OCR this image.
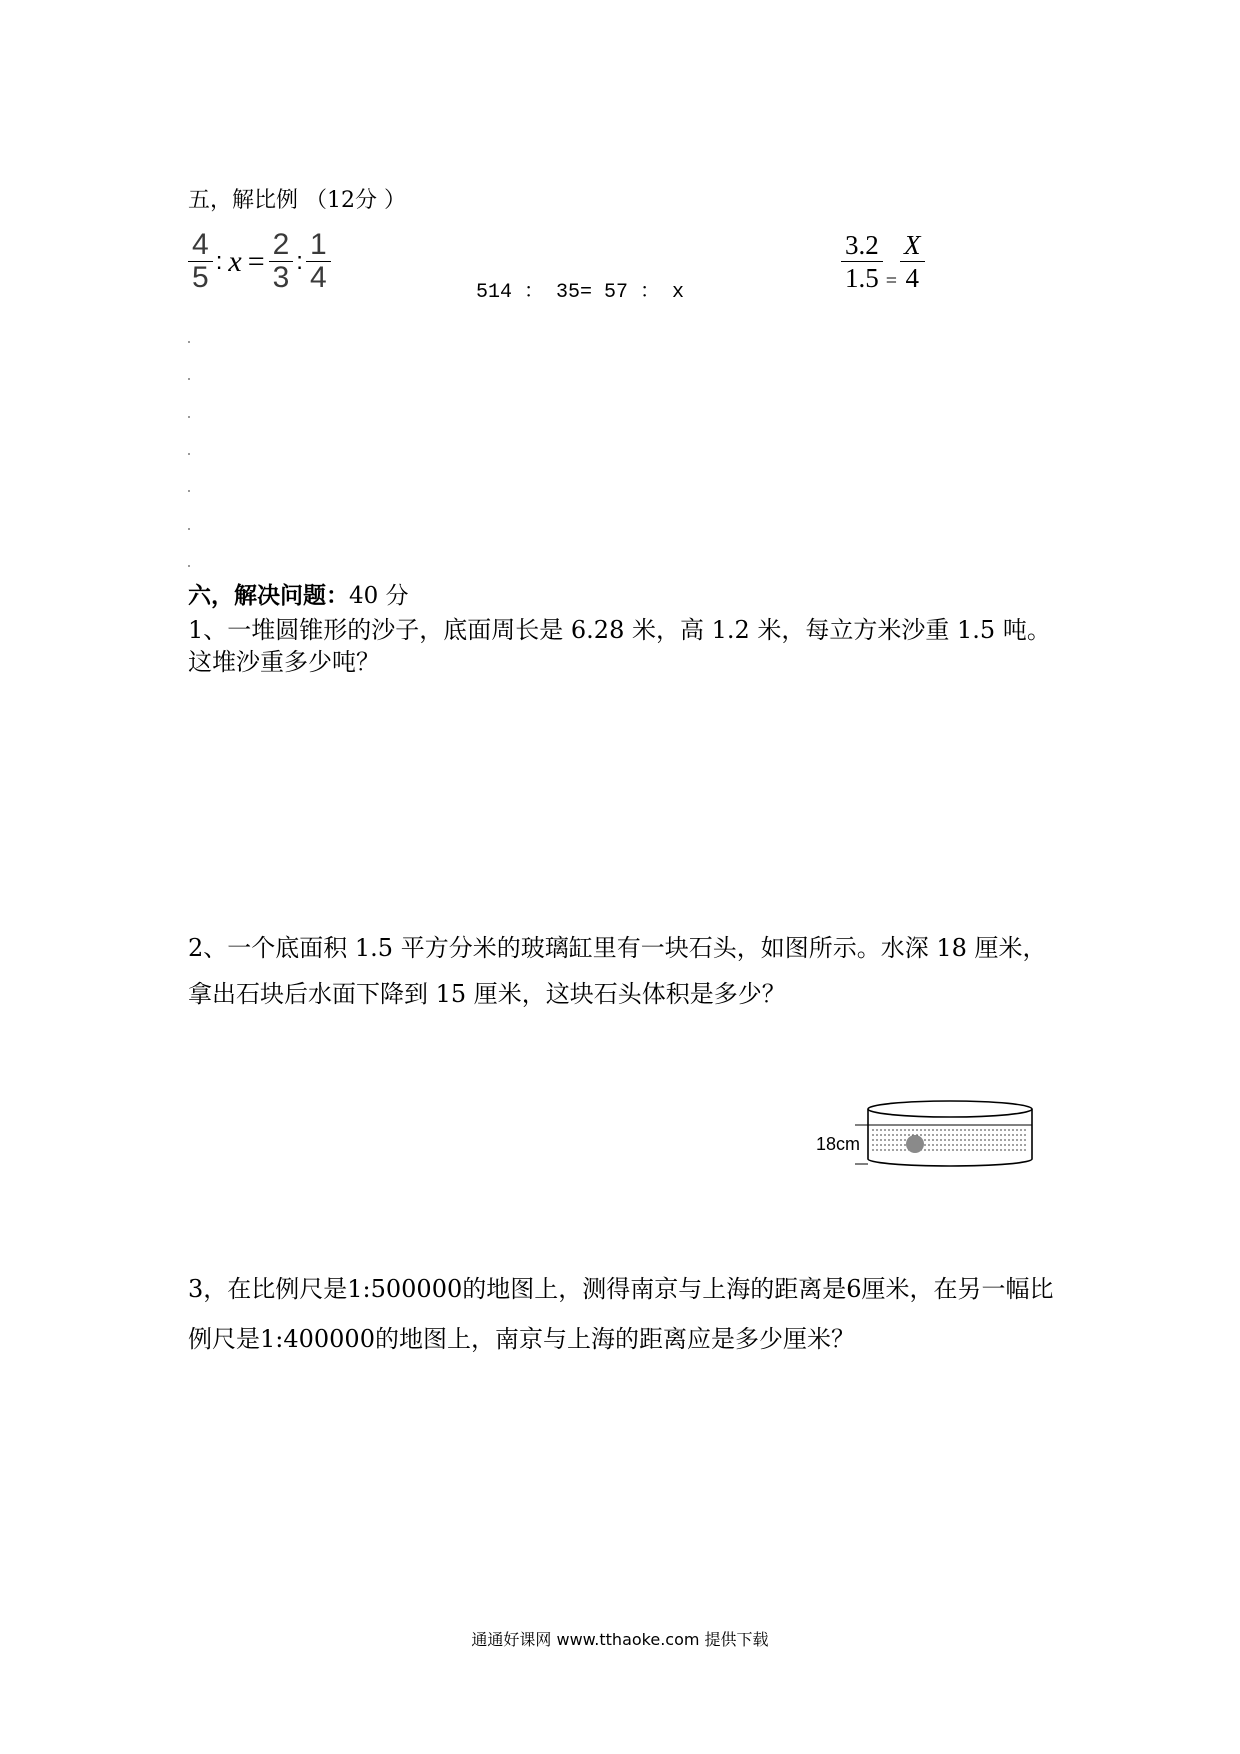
五，解比例 （12分 ）
$\frac{4}{5}$ : $x = \frac{2}{3}$ : $\frac{1}{4}$	514 ： 35= 57 ： x	$\frac{3.2}{1.5} = \frac{X}{4}$
六，解决问题：40 分
1、一堆圆锥形的沙子，底面周长是 6.28 米，高 1.2 米，每立方米沙重 1.5 吨。
这堆沙重多少吨？
2、一个底面积 1.5 平方分米的玻璃缸里有一块石头，如图所示。水深 18 厘米，
拿出石块后水面下降到 15 厘米，这块石头体积是多少？
18cm
3，在比例尺是1:500000的地图上，测得南京与上海的距离是6厘米，在另一幅比
例尺是1:400000的地图上，南京与上海的距离应是多少厘米？
通通好课网 www.tthaoke.com 提供下载
